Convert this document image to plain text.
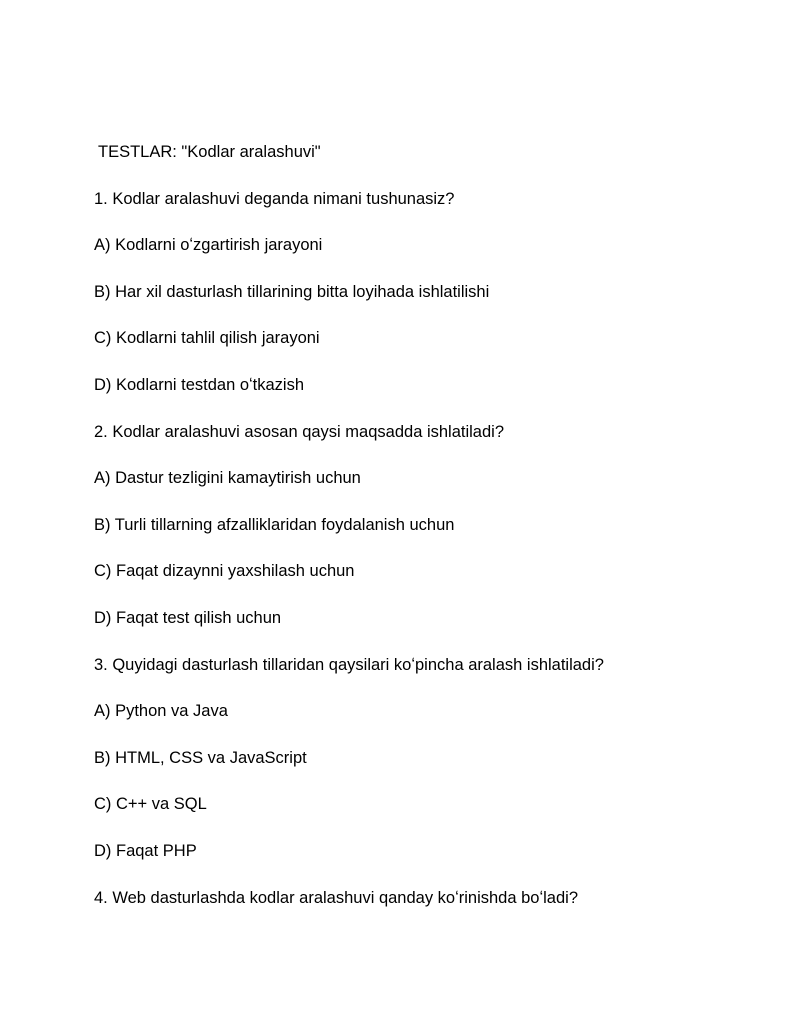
TESTLAR: "Kodlar aralashuvi"
1. Kodlar aralashuvi deganda nimani tushunasiz?
A) Kodlarni oʻzgartirish jarayoni
B) Har xil dasturlash tillarining bitta loyihada ishlatilishi
C) Kodlarni tahlil qilish jarayoni
D) Kodlarni testdan oʻtkazish
2. Kodlar aralashuvi asosan qaysi maqsadda ishlatiladi?
A) Dastur tezligini kamaytirish uchun
B) Turli tillarning afzalliklaridan foydalanish uchun
C) Faqat dizaynni yaxshilash uchun
D) Faqat test qilish uchun
3. Quyidagi dasturlash tillaridan qaysilari koʻpincha aralash ishlatiladi?
A) Python va Java
B) HTML, CSS va JavaScript
C) C++ va SQL
D) Faqat PHP
4. Web dasturlashda kodlar aralashuvi qanday koʻrinishda boʻladi?
